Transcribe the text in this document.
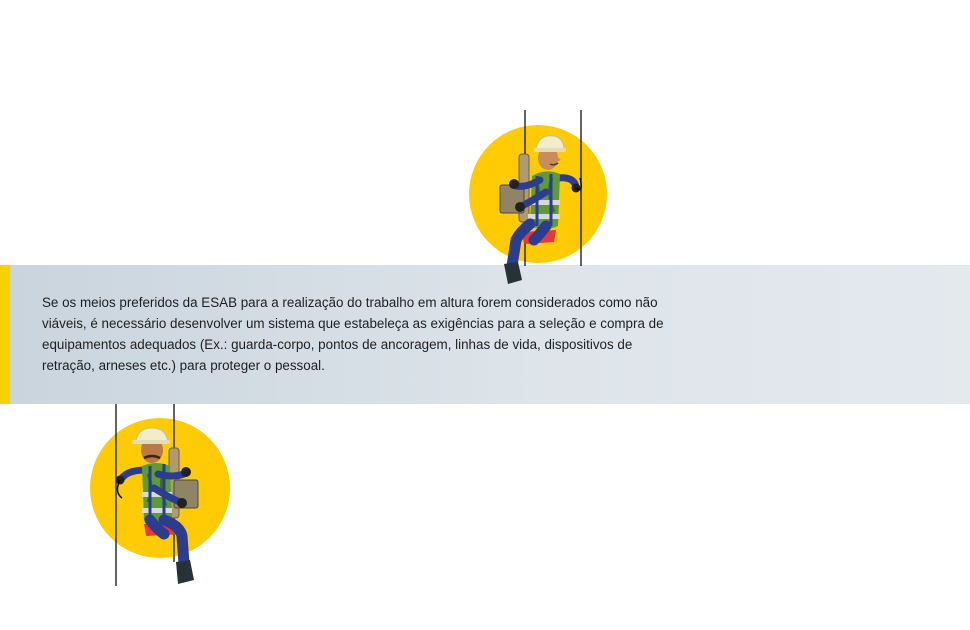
Se os meios preferidos da ESAB para a realização do trabalho em altura forem considerados como não viáveis, é necessário desenvolver um sistema que estabeleça as exigências para a seleção e compra de equipamentos adequados (Ex.: guarda-corpo, pontos de ancoragem, linhas de vida, dispositivos de retração, arneses etc.) para proteger o pessoal.
